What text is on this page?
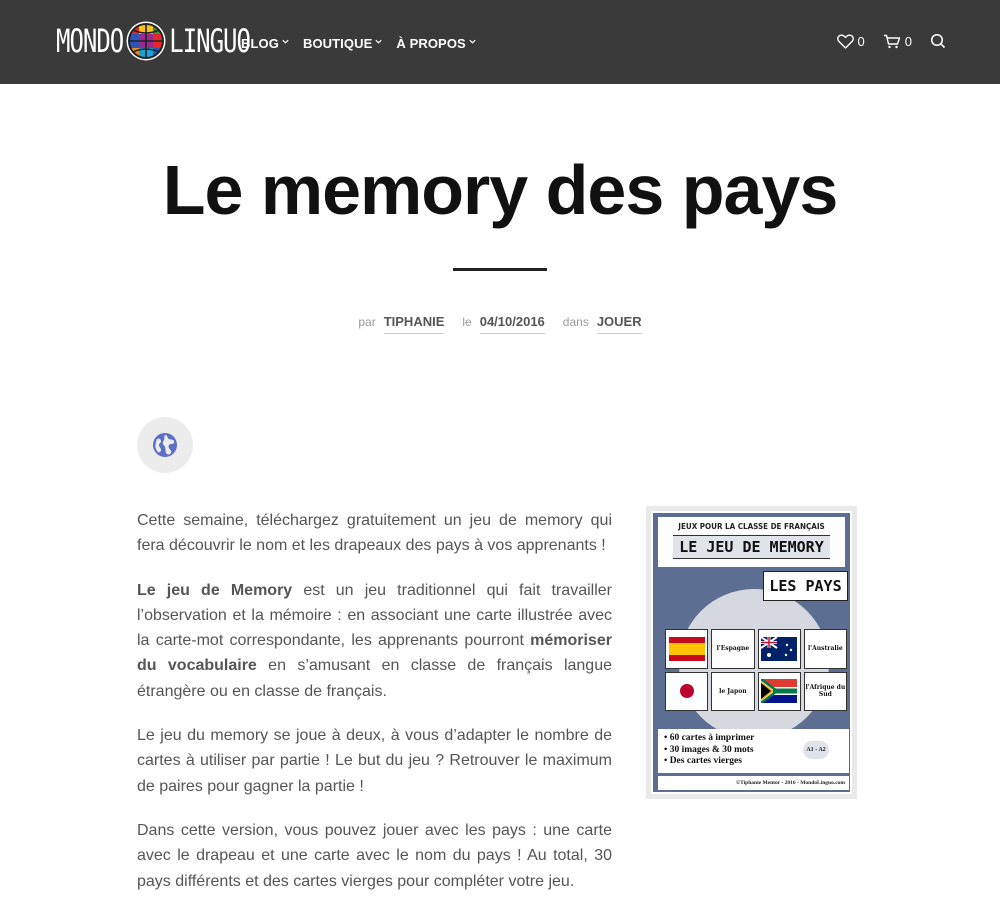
MONDO LINGUO
BLOG BOUTIQUE À PROPOS	0	0
Le memory des pays
par TIPHANIE le 04/10/2016 dans JOUER

Cette semaine, téléchargez gratuitement un jeu de memory qui fera découvrir le nom et les drapeaux des pays à vos apprenants !

Le jeu de Memory est un jeu traditionnel qui fait travailler l’observation et la mémoire : en associant une carte illustrée avec la carte-mot correspondante, les apprenants pourront mémoriser du vocabulaire en s’amusant en classe de français langue étrangère ou en classe de français.

Le jeu du memory se joue à deux, à vous d’adapter le nombre de cartes à utiliser par partie ! Le but du jeu ? Retrouver le maximum de paires pour gagner la partie !

Dans cette version, vous pouvez jouer avec les pays : une carte avec le drapeau et une carte avec le nom du pays ! Au total, 30 pays différents et des cartes vierges pour compléter votre jeu.

JEUX POUR LA CLASSE DE FRANÇAIS
LE JEU DE MEMORY
LES PAYS
l'Espagne	l'Australie
le Japon	l'Afrique du Sud
• 60 cartes à imprimer
• 30 images & 30 mots
• Des cartes vierges
A1 - A2
©Tiphanie Mentor - 2016 - MondoLinguo.com
